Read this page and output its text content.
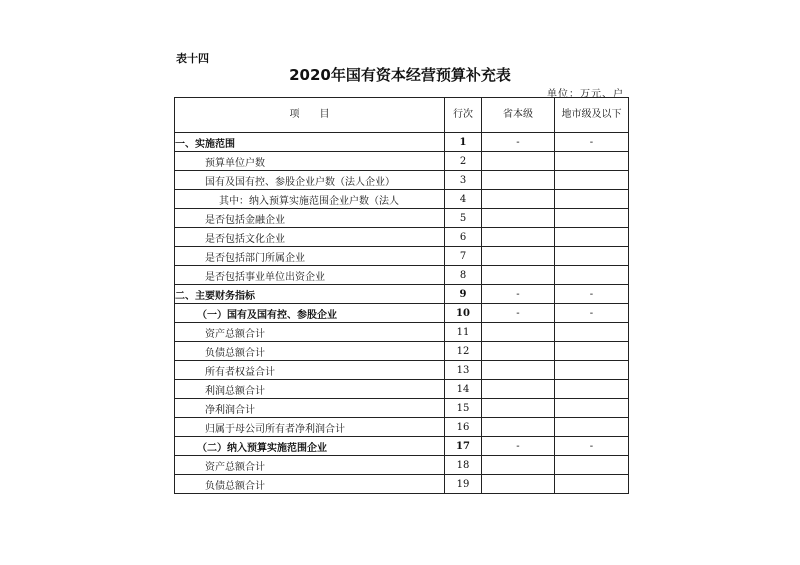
表十四
2020年国有资本经营预算补充表
单位：万元、户
项　　目	行次	省本级	地市级及以下
一、实施范围	1	-	-
预算单位户数	2		
国有及国有控、参股企业户数（法人企业）	3		
其中：纳入预算实施范围企业户数（法人	4		
是否包括金融企业	5		
是否包括文化企业	6		
是否包括部门所属企业	7		
是否包括事业单位出资企业	8		
二、主要财务指标	9	-	-
（一）国有及国有控、参股企业	10	-	-
资产总额合计	11		
负债总额合计	12		
所有者权益合计	13		
利润总额合计	14		
净利润合计	15		
归属于母公司所有者净利润合计	16		
（二）纳入预算实施范围企业	17	-	-
资产总额合计	18		
负债总额合计	19		
